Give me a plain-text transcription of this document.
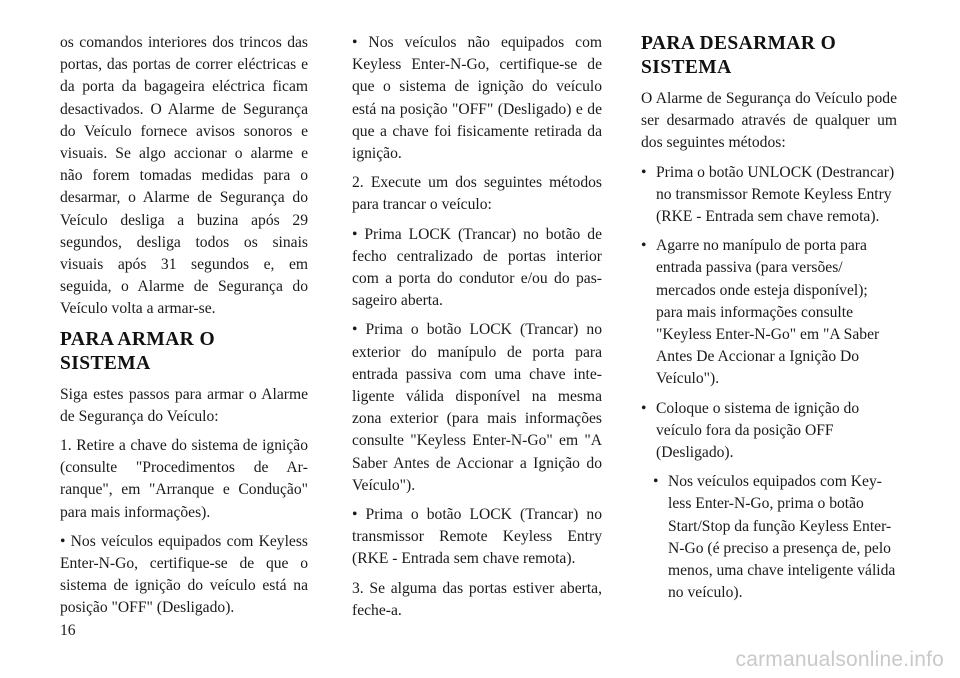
os comandos interiores dos trincos das portas, das portas de correr eléctricas e da porta da bagageira eléctrica ficam desactivados. O Alarme de Segurança do Veículo fornece avisos sonoros e visuais. Se algo accionar o alarme e não forem tomadas medidas para o desarmar, o Alarme de Segurança do Veículo desliga a buzina após 29 segundos, desliga todos os sinais visuais após 31 segundos e, em seguida, o Alarme de Segurança do Veículo volta a armar-se.

PARA ARMAR O SISTEMA

Siga estes passos para armar o Alarme de Segurança do Veículo:

1. Retire a chave do sistema de ignição (consulte "Procedimentos de Arranque", em "Arranque e Condução" para mais informações).

• Nos veículos equipados com Keyless Enter-N-Go, certifique-se de que o sistema de ignição do veículo está na posição "OFF" (Desligado).

• Nos veículos não equipados com Keyless Enter-N-Go, certifique-se de que o sistema de ignição do veículo está na posição "OFF" (Desligado) e de que a chave foi fisicamente retirada da ignição.

2. Execute um dos seguintes métodos para trancar o veículo:

• Prima LOCK (Trancar) no botão de fecho centralizado de portas interior com a porta do condutor e/ou do passageiro aberta.

• Prima o botão LOCK (Trancar) no exterior do manípulo de porta para entrada passiva com uma chave inteligente válida disponível na mesma zona exterior (para mais informações consulte "Keyless Enter-N-Go" em "A Saber Antes de Accionar a Ignição do Veículo").

• Prima o botão LOCK (Trancar) no transmissor Remote Keyless Entry (RKE - Entrada sem chave remota).

3. Se alguma das portas estiver aberta, feche-a.

PARA DESARMAR O SISTEMA

O Alarme de Segurança do Veículo pode ser desarmado através de qualquer um dos seguintes métodos:

• Prima o botão UNLOCK (Destrancar) no transmissor Remote Keyless Entry (RKE - Entrada sem chave remota).
• Agarre no manípulo de porta para entrada passiva (para versões/ mercados onde esteja disponível); para mais informações consulte "Keyless Enter-N-Go" em "A Saber Antes De Accionar a Ignição Do Veículo").
• Coloque o sistema de ignição do veículo fora da posição OFF (Desligado).
• Nos veículos equipados com Keyless Enter-N-Go, prima o botão Start/Stop da função Keyless Enter-N-Go (é preciso a presença de, pelo menos, uma chave inteligente válida no veículo).
16
carmanualsonline.info
